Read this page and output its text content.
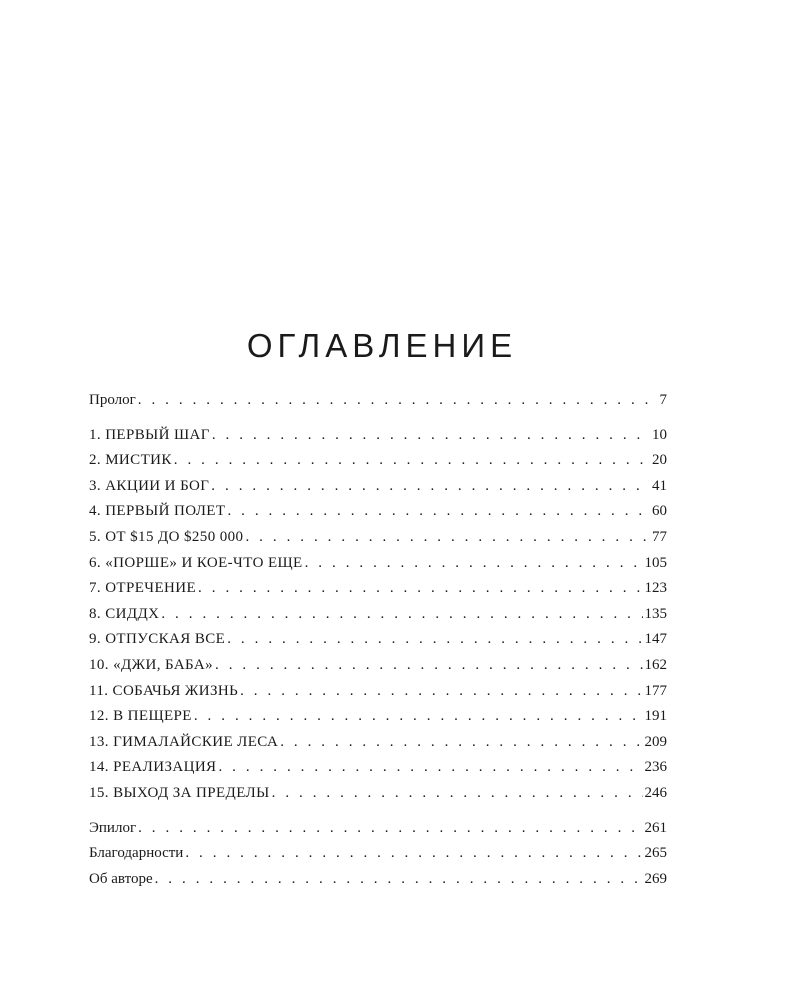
ОГЛАВЛЕНИЕ
Пролог . . .	7
1. ПЕРВЫЙ ШАГ . . .	10
2. МИСТИК . . .	20
3. АКЦИИ И БОГ . . .	41
4. ПЕРВЫЙ ПОЛЕТ . . .	60
5. ОТ $15 ДО $250 000 . . .	77
6. «ПОРШЕ» И КОЕ-ЧТО ЕЩЕ . . .	105
7. ОТРЕЧЕНИЕ . . .	123
8. СИДДХ . . .	135
9. ОТПУСКАЯ ВСЕ . . .	147
10. «ДЖИ, БАБА» . . .	162
11. СОБАЧЬЯ ЖИЗНЬ . . .	177
12. В ПЕЩЕРЕ . . .	191
13. ГИМАЛАЙСКИЕ ЛЕСА . . .	209
14. РЕАЛИЗАЦИЯ . . .	236
15. ВЫХОД ЗА ПРЕДЕЛЫ . . .	246
Эпилог . . .	261
Благодарности . . .	265
Об авторе . . .	269
